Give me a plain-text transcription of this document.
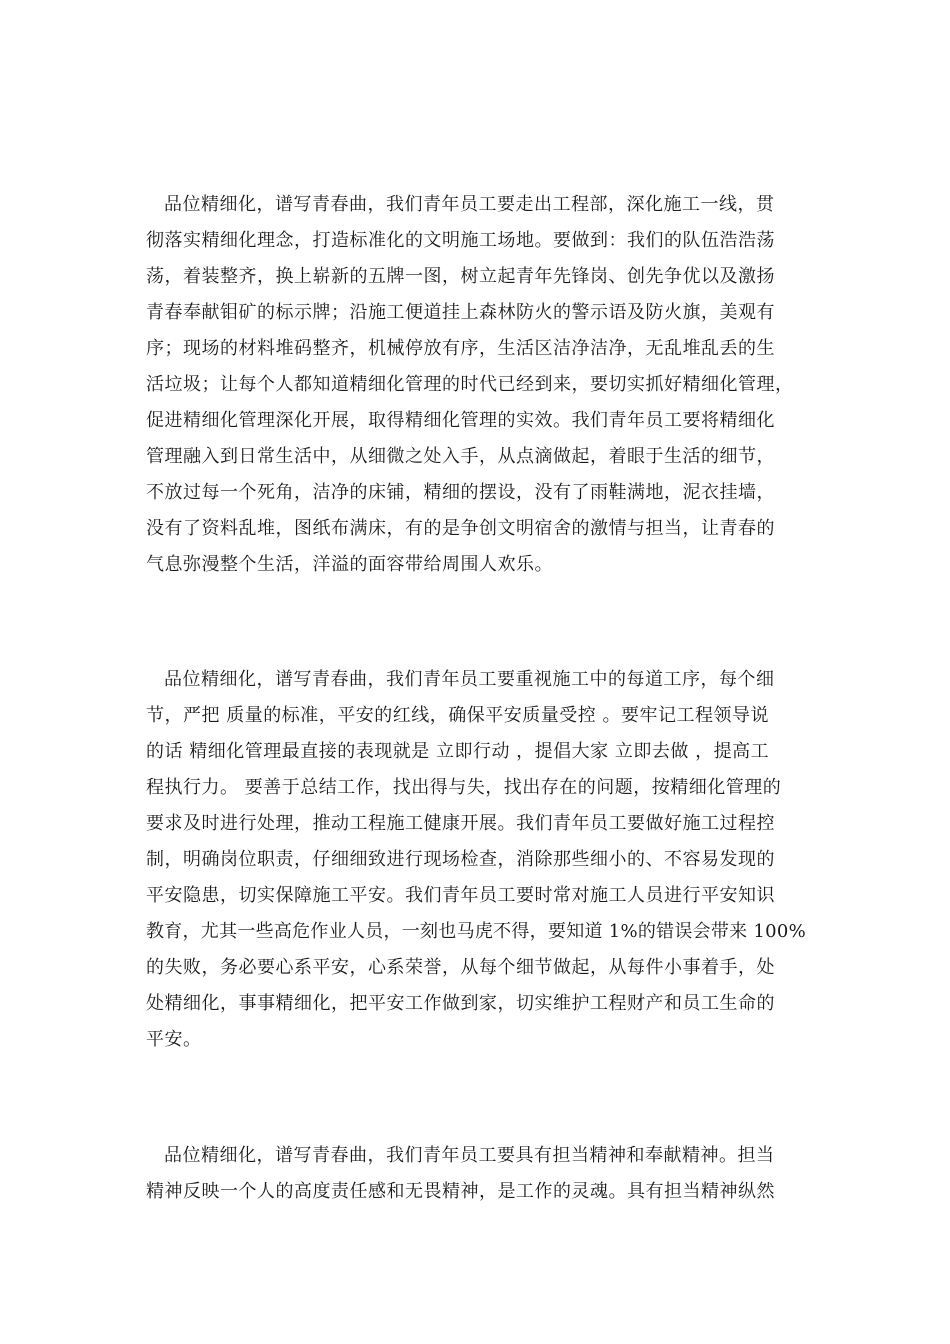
品位精细化，谱写青春曲，我们青年员工要走出工程部，深化施工一线，贯
彻落实精细化理念，打造标准化的文明施工场地。要做到：我们的队伍浩浩荡
荡，着装整齐，换上崭新的五牌一图，树立起青年先锋岗、创先争优以及激扬
青春奉献钼矿的标示牌；沿施工便道挂上森林防火的警示语及防火旗，美观有
序；现场的材料堆码整齐，机械停放有序，生活区洁净洁净，无乱堆乱丢的生
活垃圾；让每个人都知道精细化管理的时代已经到来，要切实抓好精细化管理，
促进精细化管理深化开展，取得精细化管理的实效。我们青年员工要将精细化
管理融入到日常生活中，从细微之处入手，从点滴做起，着眼于生活的细节，
不放过每一个死角，洁净的床铺，精细的摆设，没有了雨鞋满地，泥衣挂墙，
没有了资料乱堆，图纸布满床，有的是争创文明宿舍的激情与担当，让青春的
气息弥漫整个生活，洋溢的面容带给周围人欢乐。
品位精细化，谱写青春曲，我们青年员工要重视施工中的每道工序，每个细
节，严把 质量的标准，平安的红线，确保平安质量受控 。要牢记工程领导说
的话 精细化管理最直接的表现就是 立即行动 ，提倡大家 立即去做 ，提高工
程执行力。 要善于总结工作，找出得与失，找出存在的问题，按精细化管理的
要求及时进行处理，推动工程施工健康开展。我们青年员工要做好施工过程控
制，明确岗位职责，仔细细致进行现场检查，消除那些细小的、不容易发现的
平安隐患，切实保障施工平安。我们青年员工要时常对施工人员进行平安知识
教育，尤其一些高危作业人员，一刻也马虎不得，要知道 1%的错误会带来 100%
的失败，务必要心系平安，心系荣誉，从每个细节做起，从每件小事着手，处
处精细化，事事精细化，把平安工作做到家，切实维护工程财产和员工生命的
平安。
品位精细化，谱写青春曲，我们青年员工要具有担当精神和奉献精神。担当
精神反映一个人的高度责任感和无畏精神，是工作的灵魂。具有担当精神纵然
